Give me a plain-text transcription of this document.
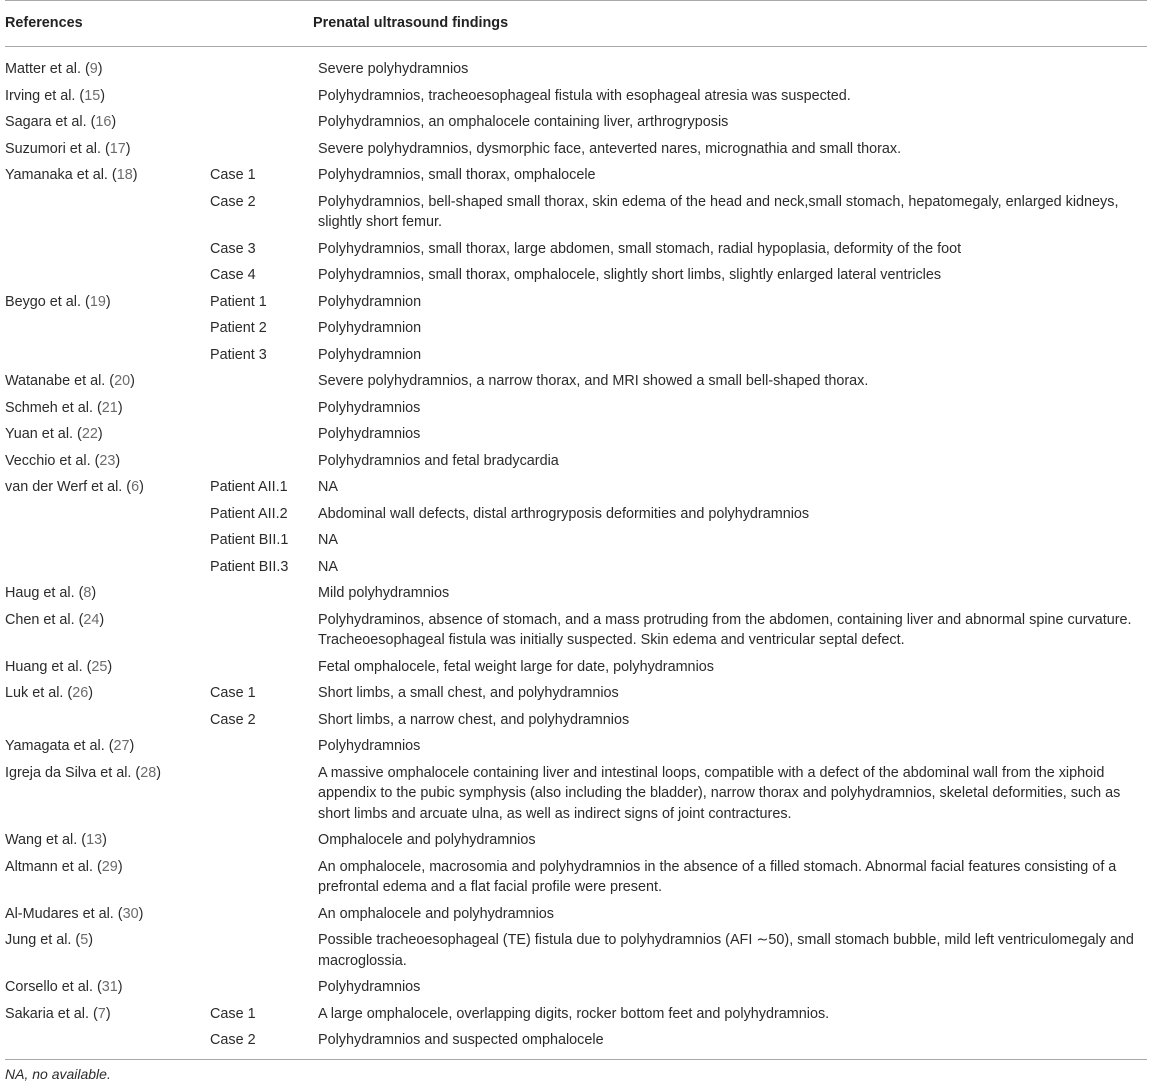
References		Prenatal ultrasound findings
Matter et al. (9)		Severe polyhydramnios
Irving et al. (15)		Polyhydramnios, tracheoesophageal fistula with esophageal atresia was suspected.
Sagara et al. (16)		Polyhydramnios, an omphalocele containing liver, arthrogryposis
Suzumori et al. (17)		Severe polyhydramnios, dysmorphic face, anteverted nares, micrognathia and small thorax.
Yamanaka et al. (18)	Case 1	Polyhydramnios, small thorax, omphalocele
	Case 2	Polyhydramnios, bell-shaped small thorax, skin edema of the head and neck,small stomach, hepatomegaly, enlarged kidneys, slightly short femur.
	Case 3	Polyhydramnios, small thorax, large abdomen, small stomach, radial hypoplasia, deformity of the foot
	Case 4	Polyhydramnios, small thorax, omphalocele, slightly short limbs, slightly enlarged lateral ventricles
Beygo et al. (19)	Patient 1	Polyhydramnion
	Patient 2	Polyhydramnion
	Patient 3	Polyhydramnion
Watanabe et al. (20)		Severe polyhydramnios, a narrow thorax, and MRI showed a small bell-shaped thorax.
Schmeh et al. (21)		Polyhydramnios
Yuan et al. (22)		Polyhydramnios
Vecchio et al. (23)		Polyhydramnios and fetal bradycardia
van der Werf et al. (6)	Patient AII.1	NA
	Patient AII.2	Abdominal wall defects, distal arthrogryposis deformities and polyhydramnios
	Patient BII.1	NA
	Patient BII.3	NA
Haug et al. (8)		Mild polyhydramnios
Chen et al. (24)		Polyhydraminos, absence of stomach, and a mass protruding from the abdomen, containing liver and abnormal spine curvature. Tracheoesophageal fistula was initially suspected. Skin edema and ventricular septal defect.
Huang et al. (25)		Fetal omphalocele, fetal weight large for date, polyhydramnios
Luk et al. (26)	Case 1	Short limbs, a small chest, and polyhydramnios
	Case 2	Short limbs, a narrow chest, and polyhydramnios
Yamagata et al. (27)		Polyhydramnios
Igreja da Silva et al. (28)		A massive omphalocele containing liver and intestinal loops, compatible with a defect of the abdominal wall from the xiphoid appendix to the pubic symphysis (also including the bladder), narrow thorax and polyhydramnios, skeletal deformities, such as short limbs and arcuate ulna, as well as indirect signs of joint contractures.
Wang et al. (13)		Omphalocele and polyhydramnios
Altmann et al. (29)		An omphalocele, macrosomia and polyhydramnios in the absence of a filled stomach. Abnormal facial features consisting of a prefrontal edema and a flat facial profile were present.
Al-Mudares et al. (30)		An omphalocele and polyhydramnios
Jung et al. (5)		Possible tracheoesophageal (TE) fistula due to polyhydramnios (AFI ∼50), small stomach bubble, mild left ventriculomegaly and macroglossia.
Corsello et al. (31)		Polyhydramnios
Sakaria et al. (7)	Case 1	A large omphalocele, overlapping digits, rocker bottom feet and polyhydramnios.
	Case 2	Polyhydramnios and suspected omphalocele
NA, no available.
